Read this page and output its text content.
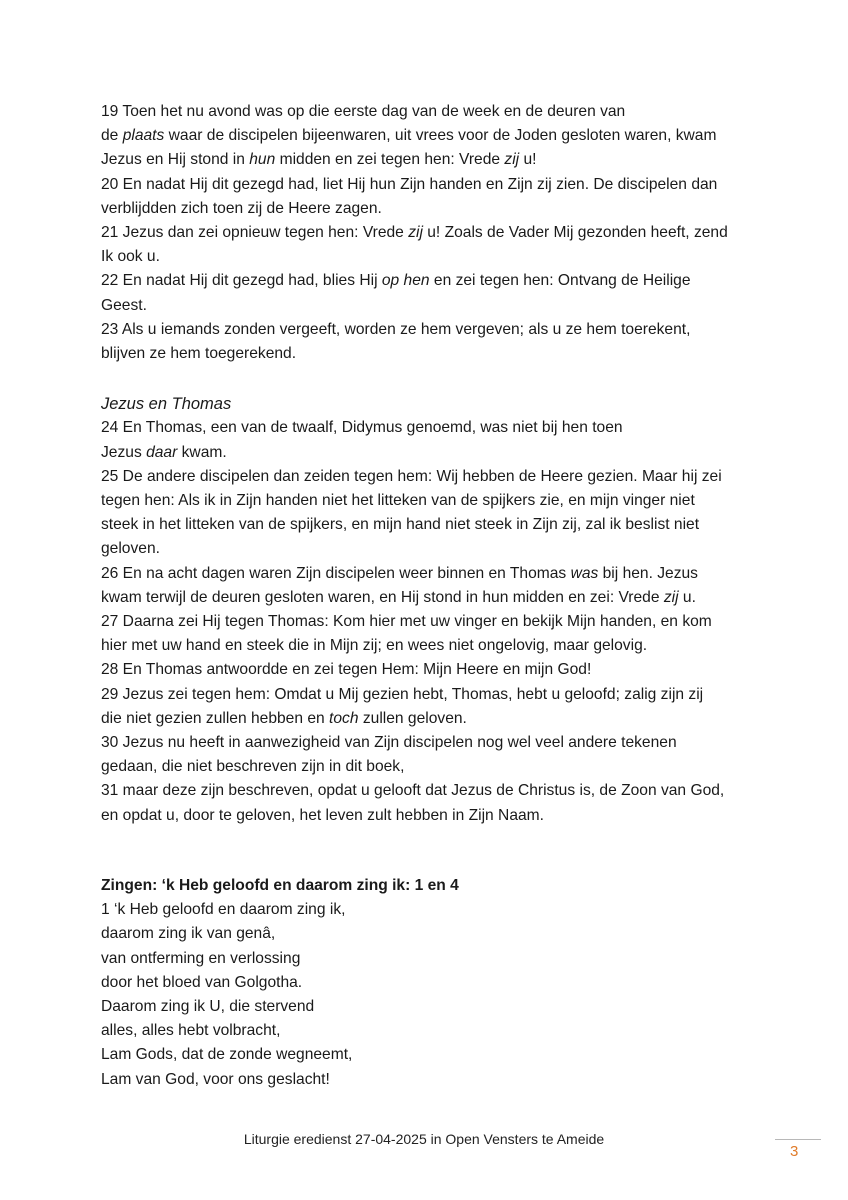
19 Toen het nu avond was op die eerste dag van de week en de deuren van
de plaats waar de discipelen bijeenwaren, uit vrees voor de Joden gesloten waren, kwam
Jezus en Hij stond in hun midden en zei tegen hen: Vrede zij u!
20 En nadat Hij dit gezegd had, liet Hij hun Zijn handen en Zijn zij zien. De discipelen dan
verblijdden zich toen zij de Heere zagen.
21 Jezus dan zei opnieuw tegen hen: Vrede zij u! Zoals de Vader Mij gezonden heeft, zend
Ik ook u.
22 En nadat Hij dit gezegd had, blies Hij op hen en zei tegen hen: Ontvang de Heilige
Geest.
23 Als u iemands zonden vergeeft, worden ze hem vergeven; als u ze hem toerekent,
blijven ze hem toegerekend.
Jezus en Thomas
24 En Thomas, een van de twaalf, Didymus genoemd, was niet bij hen toen
Jezus daar kwam.
25 De andere discipelen dan zeiden tegen hem: Wij hebben de Heere gezien. Maar hij zei
tegen hen: Als ik in Zijn handen niet het litteken van de spijkers zie, en mijn vinger niet
steek in het litteken van de spijkers, en mijn hand niet steek in Zijn zij, zal ik beslist niet
geloven.
26 En na acht dagen waren Zijn discipelen weer binnen en Thomas was bij hen. Jezus
kwam terwijl de deuren gesloten waren, en Hij stond in hun midden en zei: Vrede zij u.
27 Daarna zei Hij tegen Thomas: Kom hier met uw vinger en bekijk Mijn handen, en kom
hier met uw hand en steek die in Mijn zij; en wees niet ongelovig, maar gelovig.
28 En Thomas antwoordde en zei tegen Hem: Mijn Heere en mijn God!
29 Jezus zei tegen hem: Omdat u Mij gezien hebt, Thomas, hebt u geloofd; zalig zijn zij
die niet gezien zullen hebben en toch zullen geloven.
30 Jezus nu heeft in aanwezigheid van Zijn discipelen nog wel veel andere tekenen
gedaan, die niet beschreven zijn in dit boek,
31 maar deze zijn beschreven, opdat u gelooft dat Jezus de Christus is, de Zoon van God,
en opdat u, door te geloven, het leven zult hebben in Zijn Naam.
Zingen: ‘k Heb geloofd en daarom zing ik: 1 en 4
1 ‘k Heb geloofd en daarom zing ik,
daarom zing ik van genâ,
van ontferming en verlossing
door het bloed van Golgotha.
Daarom zing ik U, die stervend
alles, alles hebt volbracht,
Lam Gods, dat de zonde wegneemt,
Lam van God, voor ons geslacht!
Liturgie eredienst 27-04-2025 in Open Vensters te Ameide
3
